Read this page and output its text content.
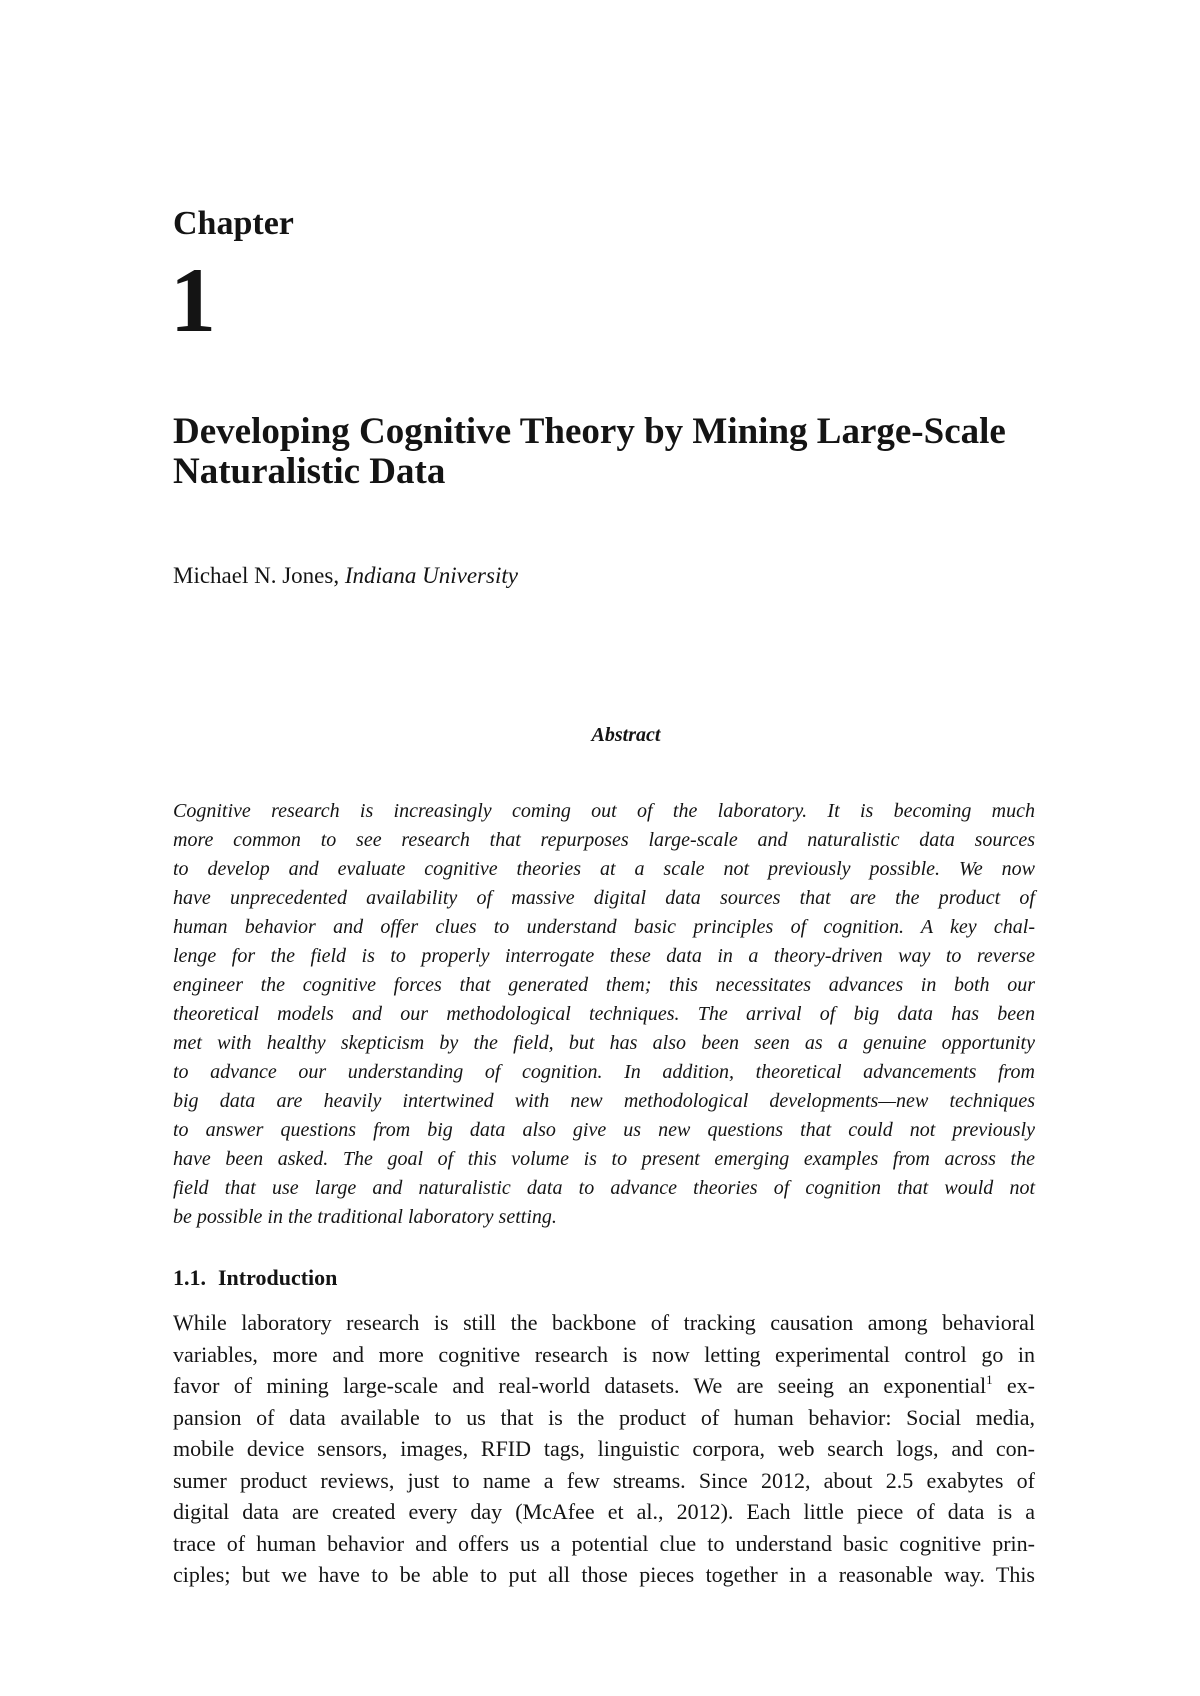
Chapter
1
Developing Cognitive Theory by Mining Large-Scale
Naturalistic Data
Michael N. Jones, Indiana University
Abstract
Cognitive research is increasingly coming out of the laboratory. It is becoming much
more common to see research that repurposes large-scale and naturalistic data sources
to develop and evaluate cognitive theories at a scale not previously possible. We now
have unprecedented availability of massive digital data sources that are the product of
human behavior and offer clues to understand basic principles of cognition. A key chal-
lenge for the field is to properly interrogate these data in a theory-driven way to reverse
engineer the cognitive forces that generated them; this necessitates advances in both our
theoretical models and our methodological techniques. The arrival of big data has been
met with healthy skepticism by the field, but has also been seen as a genuine opportunity
to advance our understanding of cognition. In addition, theoretical advancements from
big data are heavily intertwined with new methodological developments—new techniques
to answer questions from big data also give us new questions that could not previously
have been asked. The goal of this volume is to present emerging examples from across the
field that use large and naturalistic data to advance theories of cognition that would not
be possible in the traditional laboratory setting.
1.1. Introduction
While laboratory research is still the backbone of tracking causation among behavioral
variables, more and more cognitive research is now letting experimental control go in
favor of mining large-scale and real-world datasets. We are seeing an exponential$^1$ ex-
pansion of data available to us that is the product of human behavior: Social media,
mobile device sensors, images, RFID tags, linguistic corpora, web search logs, and con-
sumer product reviews, just to name a few streams. Since 2012, about 2.5 exabytes of
digital data are created every day (McAfee et al., 2012). Each little piece of data is a
trace of human behavior and offers us a potential clue to understand basic cognitive prin-
ciples; but we have to be able to put all those pieces together in a reasonable way. This
